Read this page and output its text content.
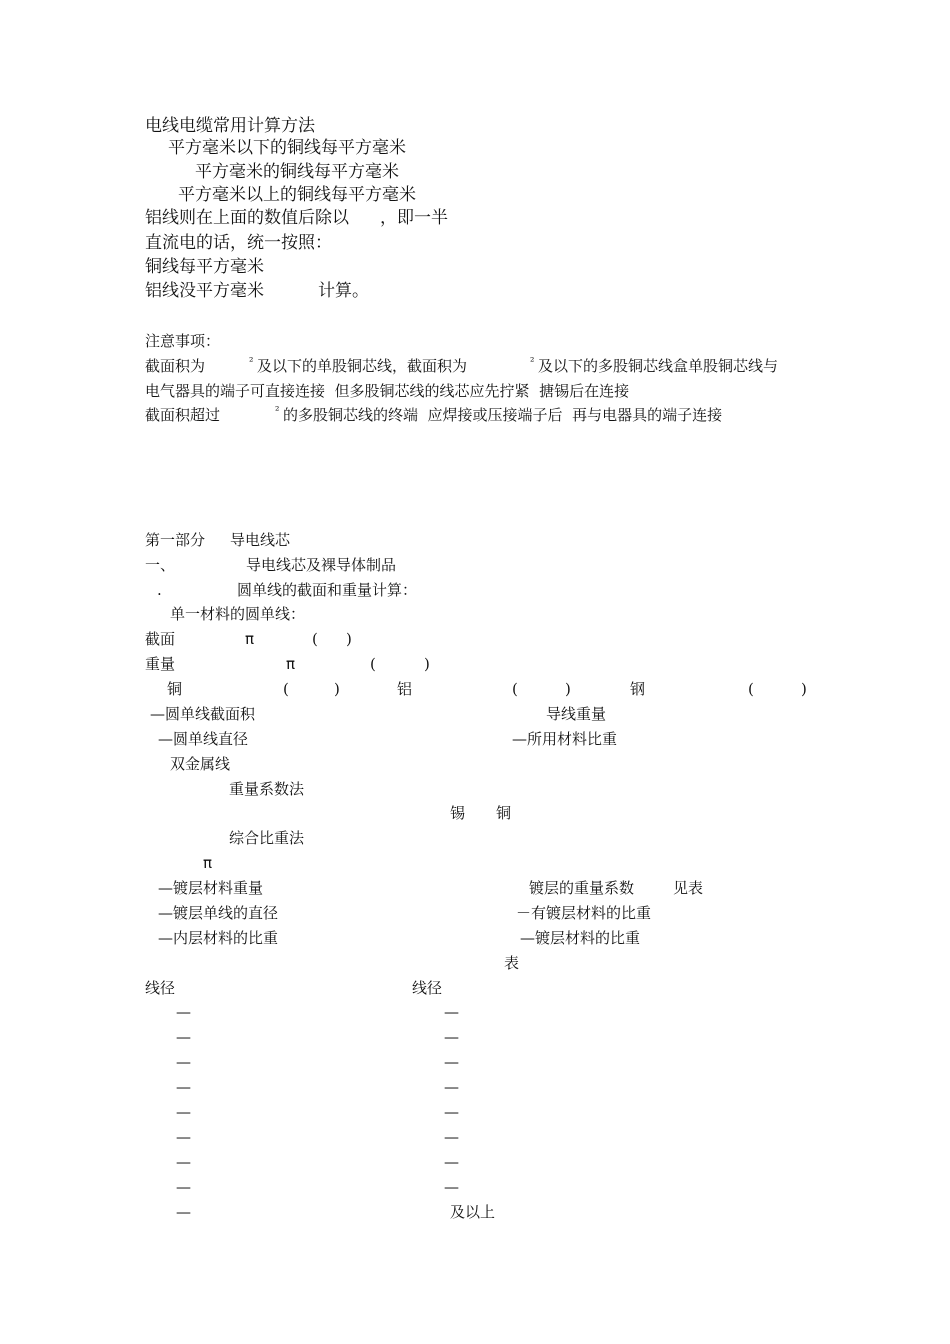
电线电缆常用计算方法
平方毫米以下的铜线每平方毫米
平方毫米的铜线每平方毫米
平方毫米以上的铜线每平方毫米
铝线则在上面的数值后除以 ，即一半
直流电的话，统一按照：
铜线每平方毫米
铝线没平方毫米	计算。
注意事项：
截面积为	² 及以下的单股铜芯线，截面积为	² 及以下的多股铜芯线盒单股铜芯线与
电气器具的端子可直接连接  但多股铜芯线的线芯应先拧紧  搪锡后在连接
截面积超过	² 的多股铜芯线的终端  应焊接或压接端子后  再与电器具的端子连接
第一部分 导电线芯
一、	导电线芯及裸导体制品
.	圆单线的截面和重量计算：
单一材料的圆单线：
截面	π	( )
重量	π	(	)
铜	(	)	铝	(	)	钢	(	)
—圆单线截面积	导线重量
—圆单线直径	—所用材料比重
双金属线
重量系数法
锡 铜
综合比重法
π
—镀层材料重量	镀层的重量系数	见表
—镀层单线的直径	－有镀层材料的比重
—内层材料的比重	—镀层材料的比重
表
线径	线径
—	—
—	—
—	—
—	—
—	—
—	—
—	—
—	—
—	及以上
